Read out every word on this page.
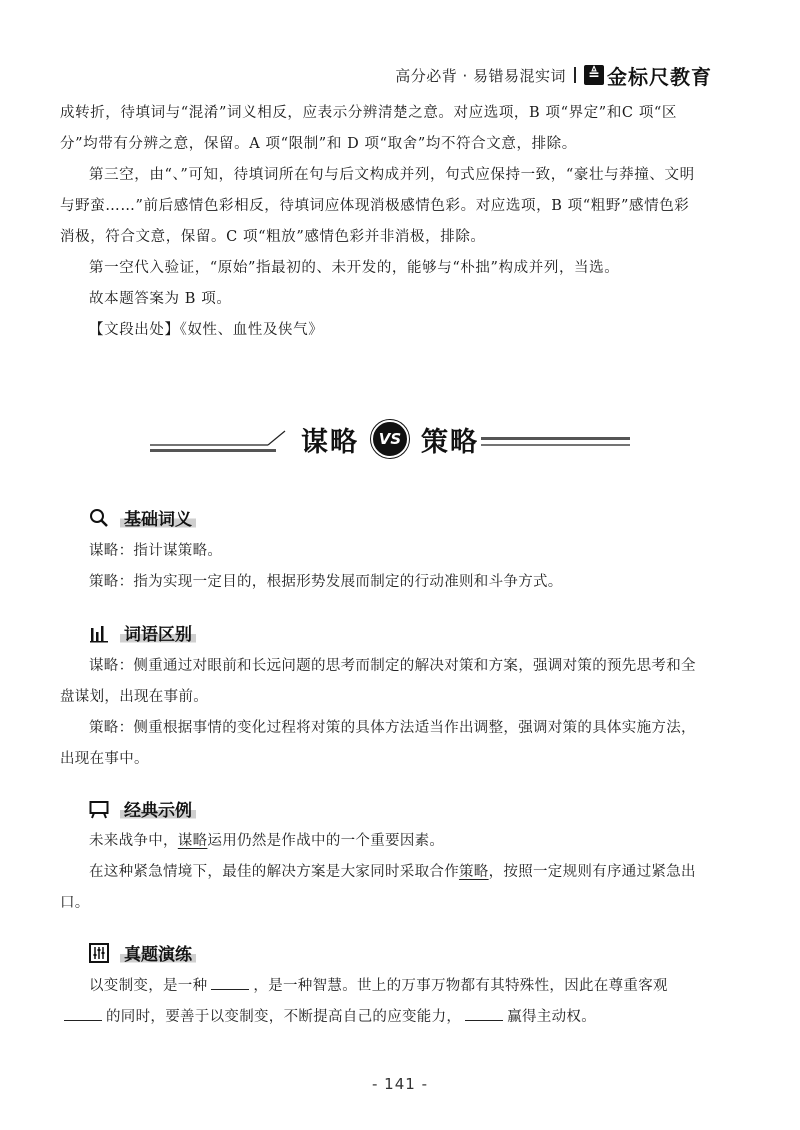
高分必背 · 易错易混实词 ≜ 金标尺教育

成转折，待填词与“混淆”词义相反，应表示分辨清楚之意。对应选项，B 项“界定”和C 项“区分”均带有分辨之意，保留。A 项“限制”和 D 项“取舍”均不符合文意，排除。

第三空，由“、”可知，待填词所在句与后文构成并列，句式应保持一致，“豪壮与莽撞、文明与野蛮……”前后感情色彩相反，待填词应体现消极感情色彩。对应选项，B 项“粗野”感情色彩消极，符合文意，保留。C 项“粗放”感情色彩并非消极，排除。

第一空代入验证，“原始”指最初的、未开发的，能够与“朴拙”构成并列，当选。

故本题答案为 B 项。

【文段出处】《奴性、血性及侠气》

谋略	VS 策略
基础词义

谋略：指计谋策略。

策略：指为实现一定目的，根据形势发展而制定的行动准则和斗争方式。

词语区别

谋略：侧重通过对眼前和长远问题的思考而制定的解决对策和方案，强调对策的预先思考和全盘谋划，出现在事前。

策略：侧重根据事情的变化过程将对策的具体方法适当作出调整，强调对策的具体实施方法，出现在事中。

经典示例

未来战争中，谋略运用仍然是作战中的一个重要因素。

在这种紧急情境下，最佳的解决方案是大家同时采取合作策略，按照一定规则有序通过紧急出口。

真题演练

以变制变，是一种	，是一种智慧。世上的万事万物都有其特殊性，因此在尊重客观的同时，要善于以变制变，不断提高自己的应变能力，	赢得主动权。

- 141 -
